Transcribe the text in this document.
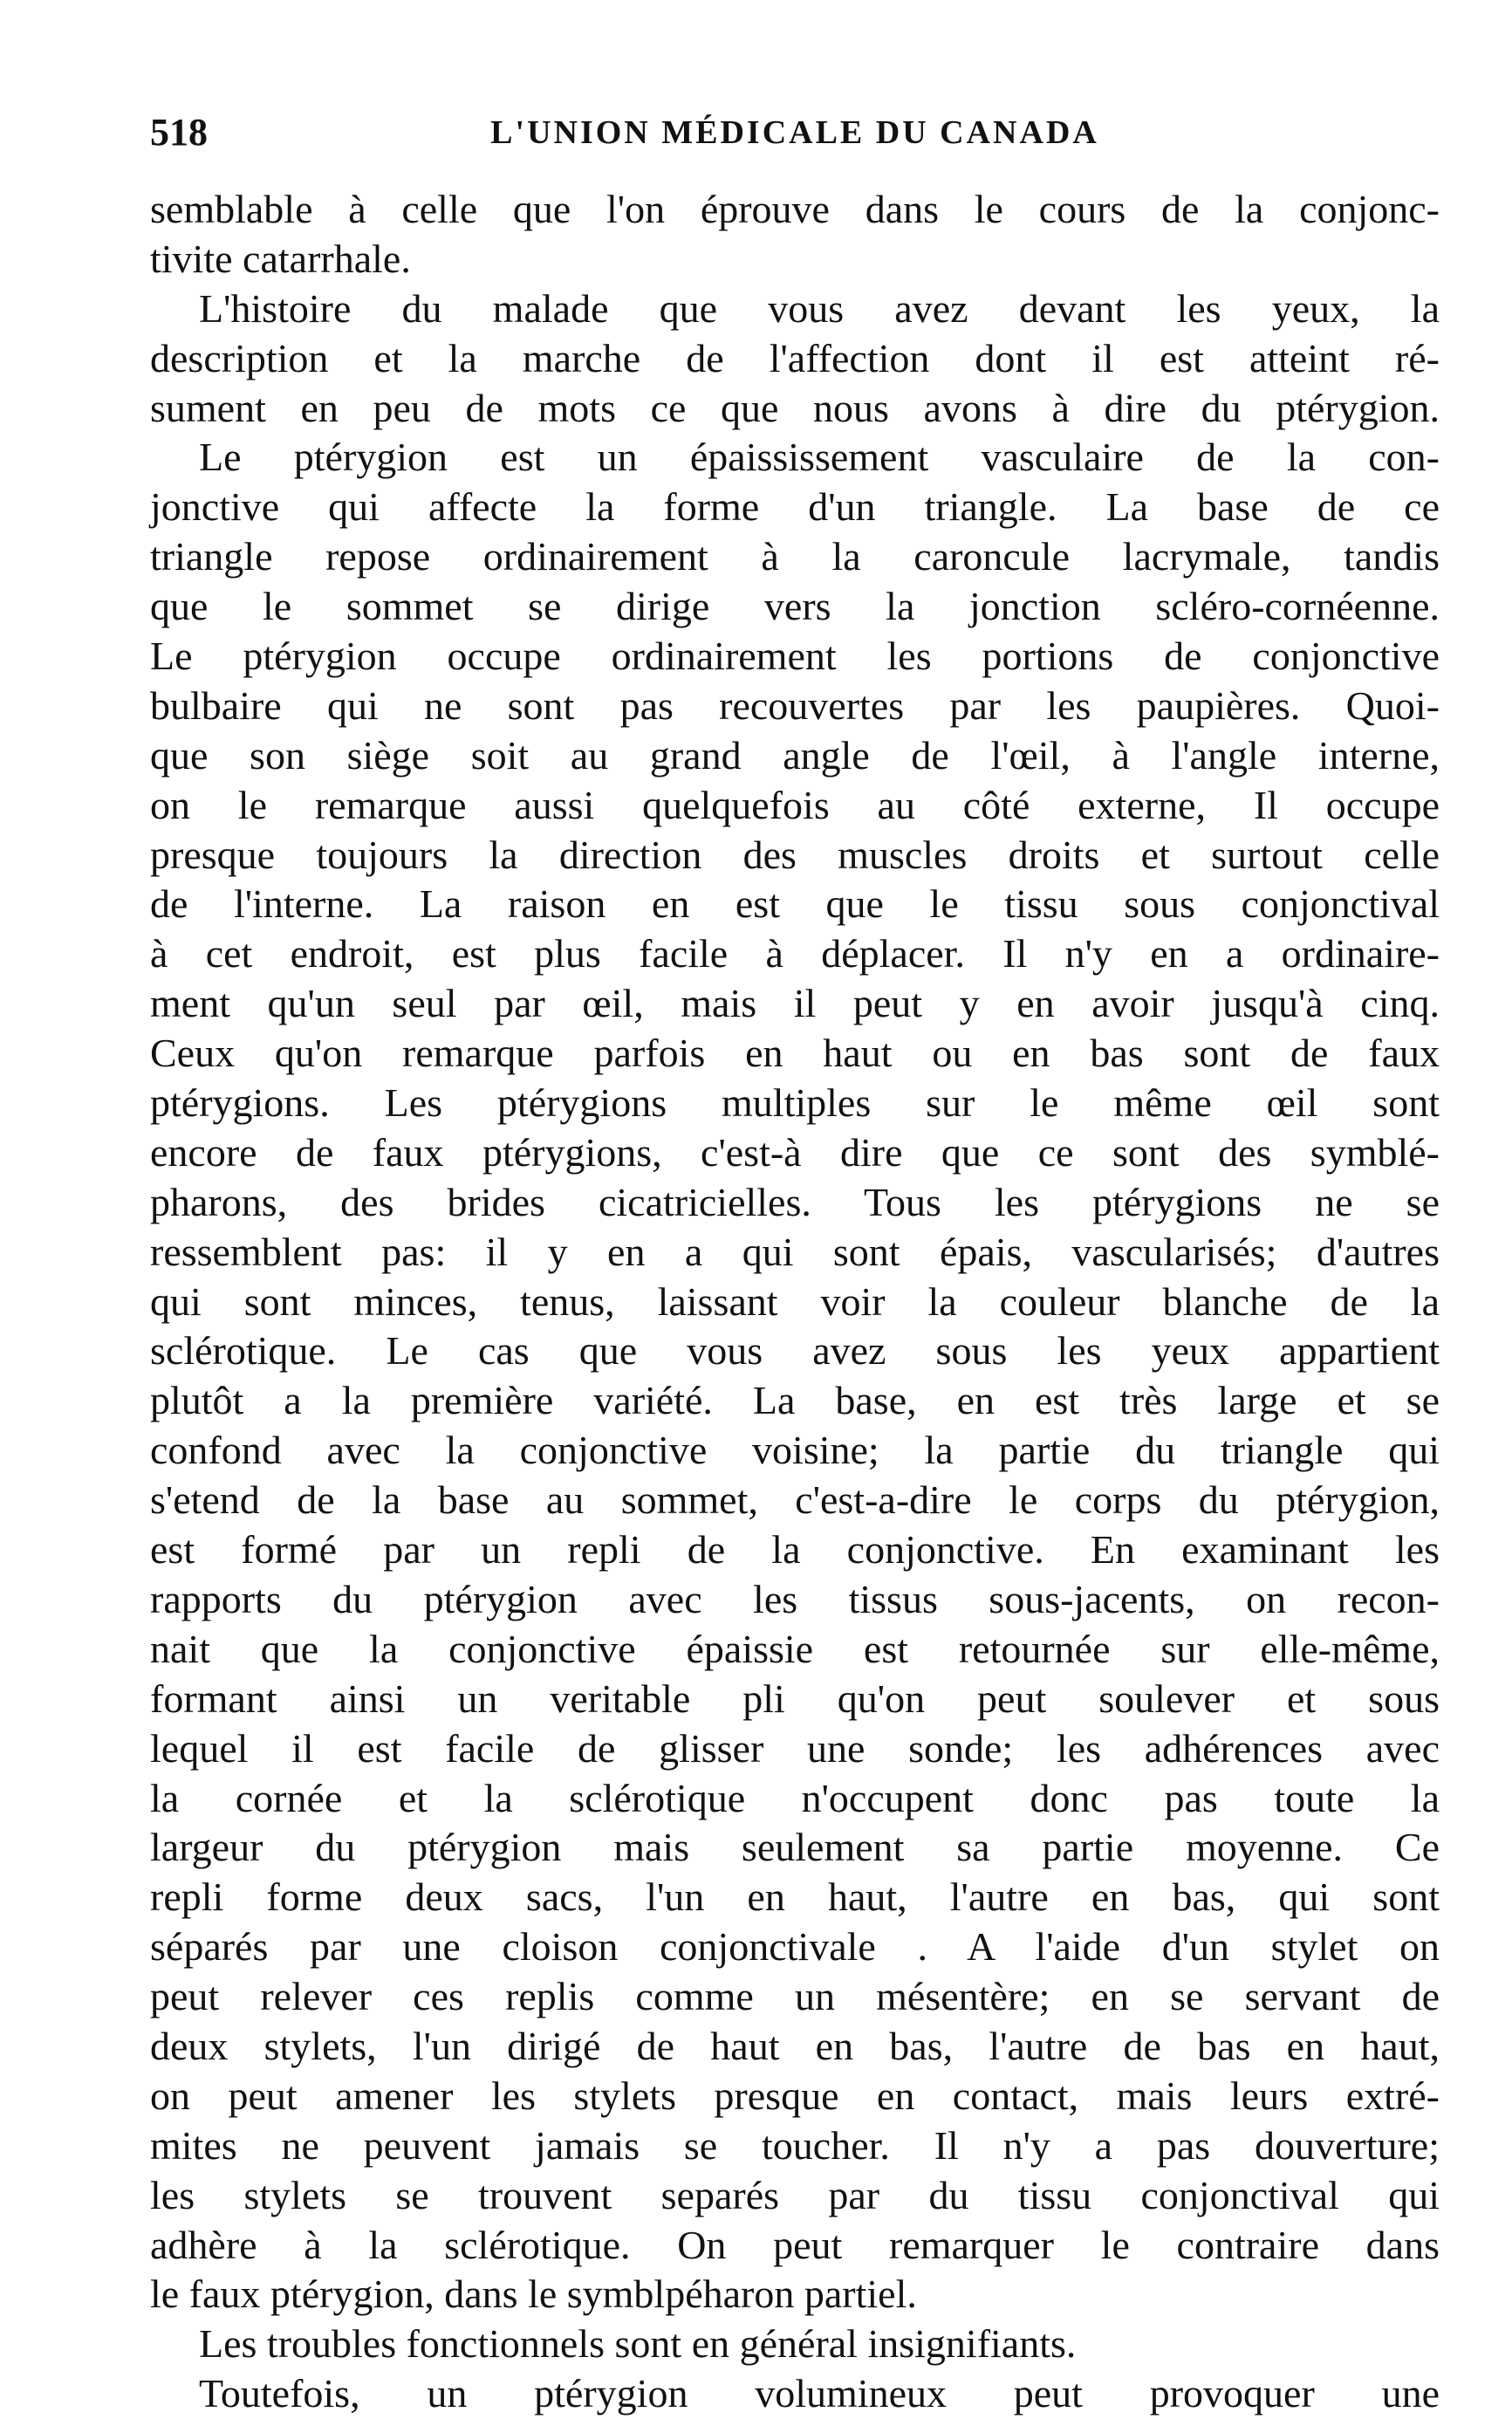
518	L'UNION MÉDICALE DU CANADA
semblable à celle que l'on éprouve dans le cours de la conjonc-
tivite catarrhale.
L'histoire du malade que vous avez devant les yeux, la
description et la marche de l'affection dont il est atteint ré-
sument en peu de mots ce que nous avons à dire du ptérygion.
Le ptérygion est un épaississement vasculaire de la con-
jonctive qui affecte la forme d'un triangle. La base de ce
triangle repose ordinairement à la caroncule lacrymale, tandis
que le sommet se dirige vers la jonction scléro-cornéenne.
Le ptérygion occupe ordinairement les portions de conjonctive
bulbaire qui ne sont pas recouvertes par les paupières. Quoi-
que son siège soit au grand angle de l'œil, à l'angle interne,
on le remarque aussi quelquefois au côté externe, Il occupe
presque toujours la direction des muscles droits et surtout celle
de l'interne. La raison en est que le tissu sous conjonctival
à cet endroit, est plus facile à déplacer. Il n'y en a ordinaire-
ment qu'un seul par œil, mais il peut y en avoir jusqu'à cinq.
Ceux qu'on remarque parfois en haut ou en bas sont de faux
ptérygions. Les ptérygions multiples sur le même œil sont
encore de faux ptérygions, c'est-à dire que ce sont des symblé-
pharons, des brides cicatricielles. Tous les ptérygions ne se
ressemblent pas: il y en a qui sont épais, vascularisés; d'autres
qui sont minces, tenus, laissant voir la couleur blanche de la
sclérotique. Le cas que vous avez sous les yeux appartient
plutôt a la première variété. La base, en est très large et se
confond avec la conjonctive voisine; la partie du triangle qui
s'etend de la base au sommet, c'est-a-dire le corps du ptérygion,
est formé par un repli de la conjonctive. En examinant les
rapports du ptérygion avec les tissus sous-jacents, on recon-
nait que la conjonctive épaissie est retournée sur elle-même,
formant ainsi un veritable pli qu'on peut soulever et sous
lequel il est facile de glisser une sonde; les adhérences avec
la cornée et la sclérotique n'occupent donc pas toute la
largeur du ptérygion mais seulement sa partie moyenne. Ce
repli forme deux sacs, l'un en haut, l'autre en bas, qui sont
séparés par une cloison conjonctivale . A l'aide d'un stylet on
peut relever ces replis comme un mésentère; en se servant de
deux stylets, l'un dirigé de haut en bas, l'autre de bas en haut,
on peut amener les stylets presque en contact, mais leurs extré-
mites ne peuvent jamais se toucher. Il n'y a pas douverture;
les stylets se trouvent separés par du tissu conjonctival qui
adhère à la sclérotique. On peut remarquer le contraire dans
le faux ptérygion, dans le symblpéharon partiel.
Les troubles fonctionnels sont en général insignifiants.
Toutefois, un ptérygion volumineux peut provoquer une
